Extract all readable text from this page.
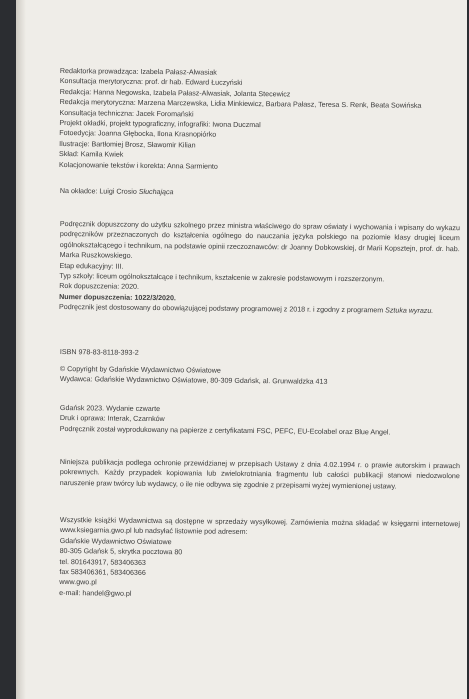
Redaktorka prowadząca: Izabela Pałasz-Alwasiak

Konsultacja merytoryczna: prof. dr hab. Edward Łuczyński

Redakcja: Hanna Negowska, Izabela Pałasz-Alwasiak, Jolanta Stecewicz

Redakcja merytoryczna: Marzena Marczewska, Lidia Minkiewicz, Barbara Pałasz, Teresa S. Renk, Beata Sowińska

Konsultacja techniczna: Jacek Foromański

Projekt okładki, projekt typograficzny, infografiki: Iwona Duczmal

Fotoedycja: Joanna Głębocka, Ilona Krasnopiórko

Ilustracje: Bartłomiej Brosz, Sławomir Kilian

Skład: Kamila Kwiek

Kolacjonowanie tekstów i korekta: Anna Sarmiento

Na okładce: Luigi Crosio Słuchająca

Podręcznik dopuszczony do użytku szkolnego przez ministra właściwego do spraw oświaty i wychowania i wpisany do wykazu podręczników przeznaczonych do kształcenia ogólnego do nauczania języka polskiego na poziomie klasy drugiej liceum ogólnokształcącego i technikum, na podstawie opinii rzeczoznawców: dr Joanny Dobkowskiej, dr Marii Kopsztejn, prof. dr. hab. Marka Ruszkowskiego.

Etap edukacyjny: III.

Typ szkoły: liceum ogólnokształcące i technikum, kształcenie w zakresie podstawowym i rozszerzonym.

Rok dopuszczenia: 2020.

Numer dopuszczenia: 1022/3/2020.

Podręcznik jest dostosowany do obowiązującej podstawy programowej z 2018 r. i zgodny z programem Sztuka wyrazu.

ISBN 978-83-8118-393-2

© Copyright by Gdańskie Wydawnictwo Oświatowe

Wydawca: Gdańskie Wydawnictwo Oświatowe, 80-309 Gdańsk, al. Grunwaldzka 413

Gdańsk 2023. Wydanie czwarte

Druk i oprawa: Interak, Czarnków

Podręcznik został wyprodukowany na papierze z certyfikatami FSC, PEFC, EU-Ecolabel oraz Blue Angel.

Niniejsza publikacja podlega ochronie przewidzianej w przepisach Ustawy z dnia 4.02.1994 r. o prawie autorskim i prawach pokrewnych. Każdy przypadek kopiowania lub zwielokrotniania fragmentu lub całości publikacji stanowi niedozwolone naruszenie praw twórcy lub wydawcy, o ile nie odbywa się zgodnie z przepisami wyżej wymienionej ustawy.

Wszystkie książki Wydawnictwa są dostępne w sprzedaży wysyłkowej. Zamówienia można składać w księgarni internetowej www.ksiegarnia.gwo.pl lub nadsyłać listownie pod adresem:

Gdańskie Wydawnictwo Oświatowe

80-305 Gdańsk 5, skrytka pocztowa 80

tel. 801643917, 583406363

fax 583406361, 583406366

www.gwo.pl

e-mail: handel@gwo.pl
